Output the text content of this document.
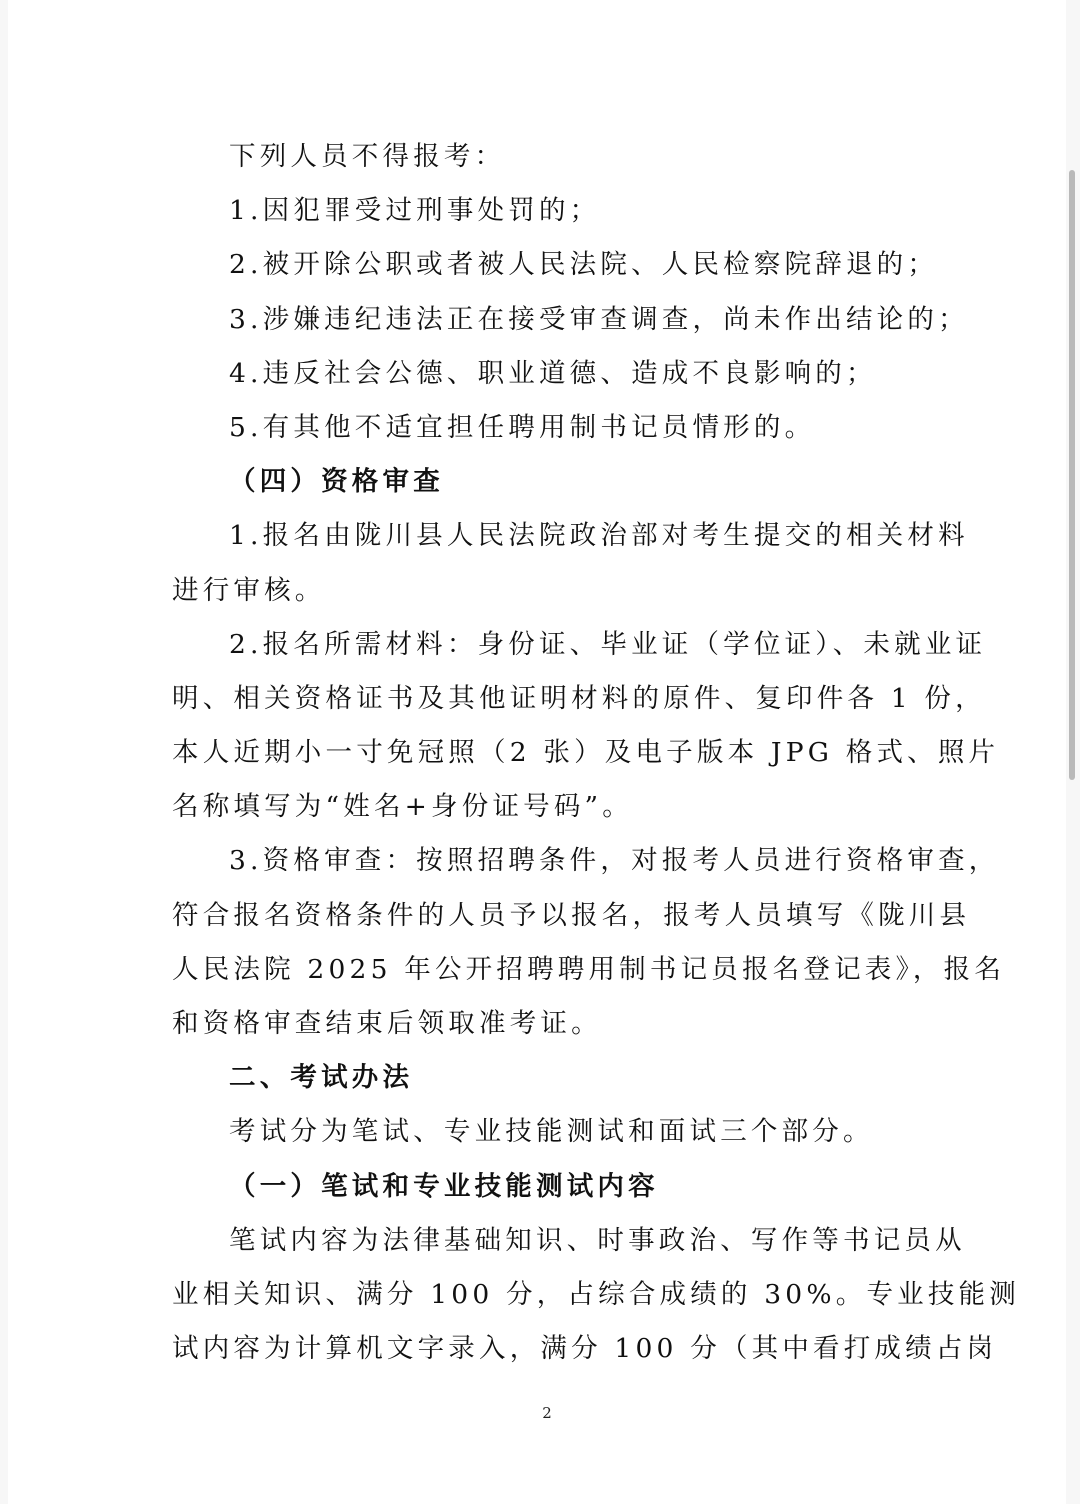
下列人员不得报考：
1.因犯罪受过刑事处罚的；
2.被开除公职或者被人民法院、人民检察院辞退的；
3.涉嫌违纪违法正在接受审查调查，尚未作出结论的；
4.违反社会公德、职业道德、造成不良影响的；
5.有其他不适宜担任聘用制书记员情形的。
（四）资格审查
1.报名由陇川县人民法院政治部对考生提交的相关材料
进行审核。
2.报名所需材料：身份证、毕业证（学位证）、未就业证
明、相关资格证书及其他证明材料的原件、复印件各 1 份，
本人近期小一寸免冠照（2 张）及电子版本 JPG 格式、照片
名称填写为“姓名+身份证号码”。
3.资格审查：按照招聘条件，对报考人员进行资格审查，
符合报名资格条件的人员予以报名，报考人员填写《陇川县
人民法院 2025 年公开招聘聘用制书记员报名登记表》，报名
和资格审查结束后领取准考证。
二、考试办法
考试分为笔试、专业技能测试和面试三个部分。
（一）笔试和专业技能测试内容
笔试内容为法律基础知识、时事政治、写作等书记员从
业相关知识、满分 100 分，占综合成绩的 30%。专业技能测
试内容为计算机文字录入，满分 100 分（其中看打成绩占岗
2
